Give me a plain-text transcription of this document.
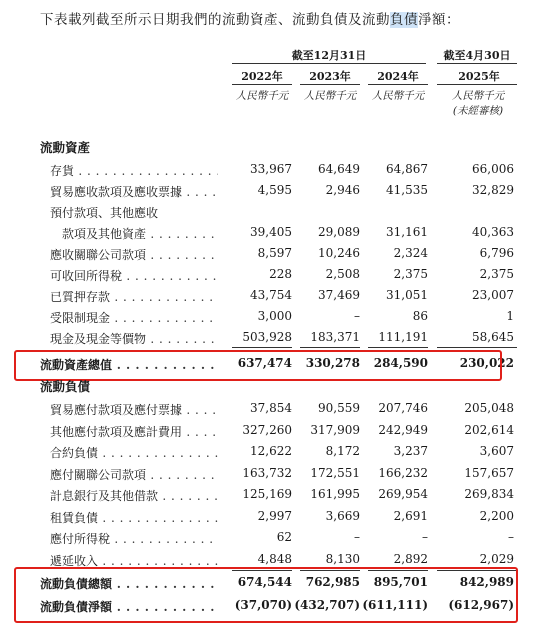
下表載列截至所示日期我們的流動資產、流動負債及流動負債淨額：
截至12月31日	截至4月30日
2022年	2023年	2024年	2025年
人民幣千元	人民幣千元	人民幣千元	人民幣千元
(未經審核)
流動資產
存貨 . . .	33,967	64,649	64,867	66,006
貿易應收款項及應收票據 . . .	4,595	2,946	41,535	32,829
預付款項、其他應收
款項及其他資產 . . .	39,405	29,089	31,161	40,363
應收關聯公司款項 . . .	8,597	10,246	2,324	6,796
可收回所得稅 . . .	228	2,508	2,375	2,375
已質押存款 . . .	43,754	37,469	31,051	23,007
受限制現金 . . .	3,000	–	86	1
現金及現金等價物 . . .	503,928	183,371	111,191	58,645
流動資產總值 . . .	637,474	330,278	284,590	230,022
流動負債
貿易應付款項及應付票據 . . .	37,854	90,559	207,746	205,048
其他應付款項及應計費用 . . .	327,260	317,909	242,949	202,614
合約負債 . . .	12,622	8,172	3,237	3,607
應付關聯公司款項 . . .	163,732	172,551	166,232	157,657
計息銀行及其他借款 . . .	125,169	161,995	269,954	269,834
租賃負債 . . .	2,997	3,669	2,691	2,200
應付所得稅 . . .	62	–	–	–
遞延收入 . . .	4,848	8,130	2,892	2,029
流動負債總額 . . .	674,544	762,985	895,701	842,989
流動負債淨額 . . .	(37,070) (432,707) (611,111)	(612,967)
